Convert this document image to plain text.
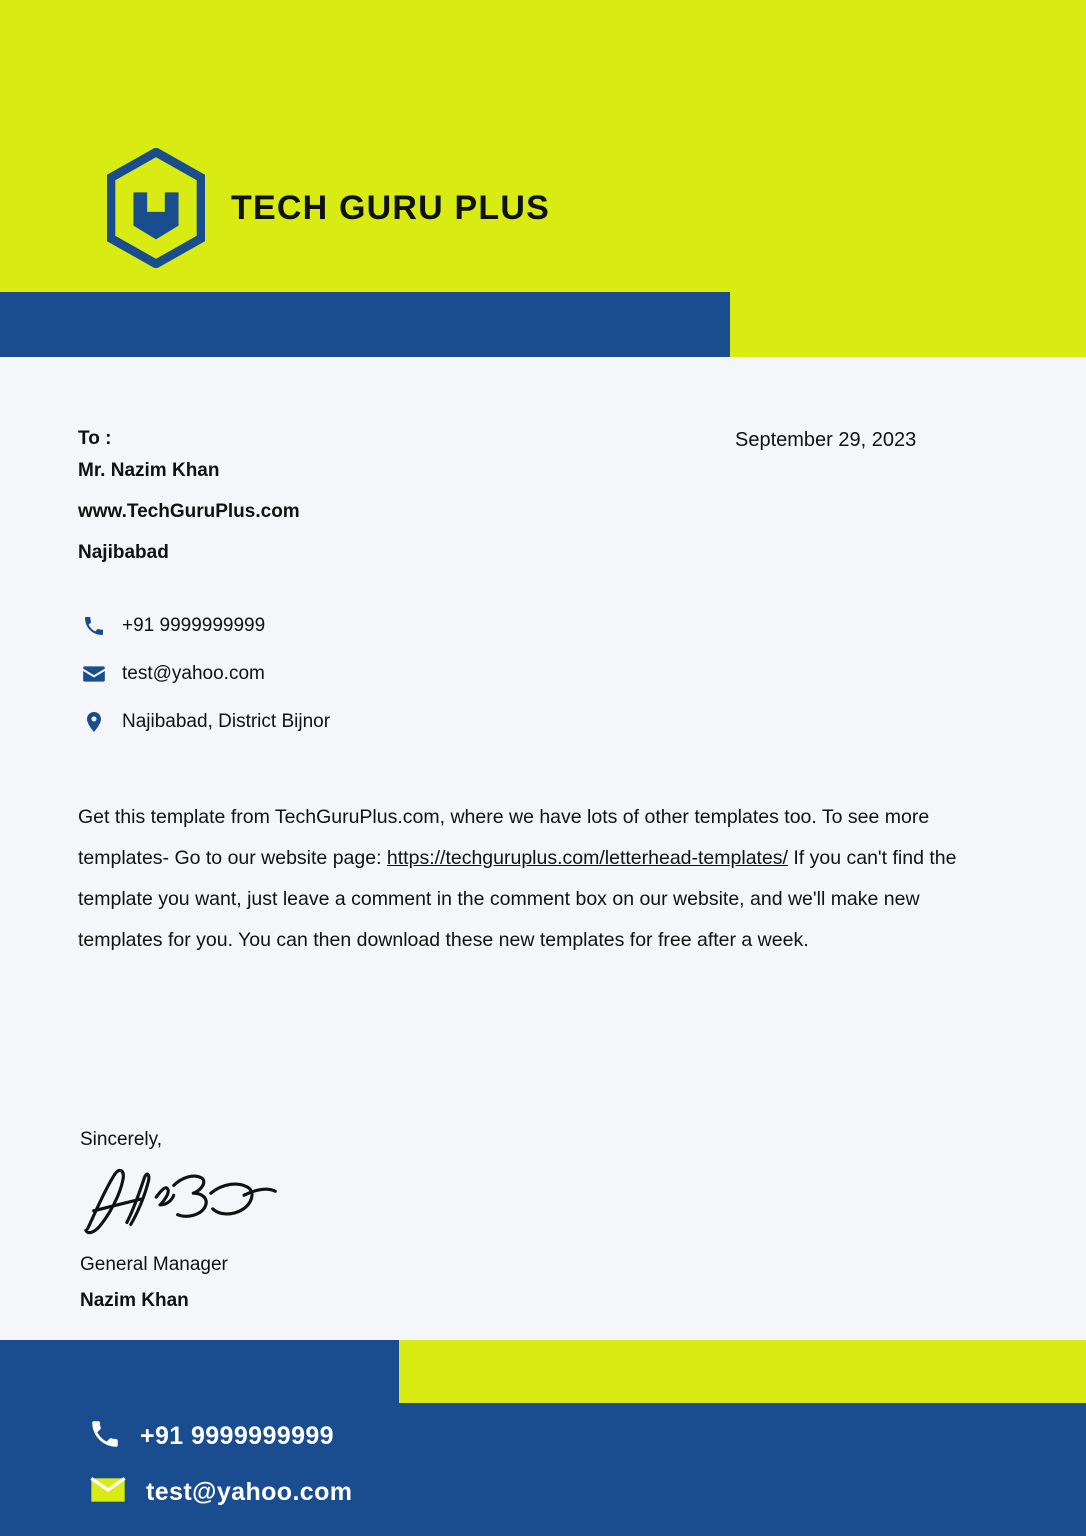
TECH GURU PLUS
To :
Mr. Nazim Khan
www.TechGuruPlus.com
Najibabad
September 29, 2023
+91 9999999999
test@yahoo.com
Najibabad, District Bijnor
Get this template from TechGuruPlus.com, where we have lots of other templates too. To see more templates- Go to our website page: https://techguruplus.com/letterhead-templates/ If you can't find the template you want, just leave a comment in the comment box on our website, and we'll make new templates for you. You can then download these new templates for free after a week.
Sincerely,
General Manager
Nazim Khan
+91 9999999999
test@yahoo.com
